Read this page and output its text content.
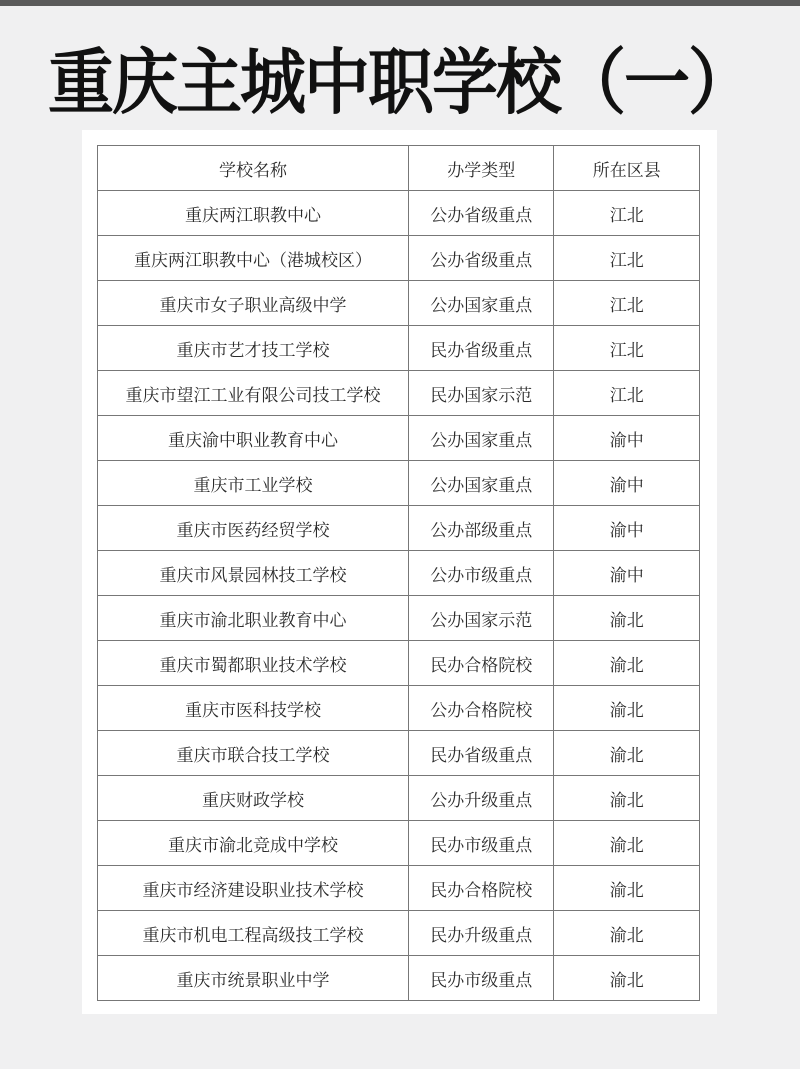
重庆主城中职学校（一）
学校名称	办学类型	所在区县
重庆两江职教中心	公办省级重点	江北
重庆两江职教中心（港城校区）	公办省级重点	江北
重庆市女子职业高级中学	公办国家重点	江北
重庆市艺才技工学校	民办省级重点	江北
重庆市望江工业有限公司技工学校	民办国家示范	江北
重庆渝中职业教育中心	公办国家重点	渝中
重庆市工业学校	公办国家重点	渝中
重庆市医药经贸学校	公办部级重点	渝中
重庆市风景园林技工学校	公办市级重点	渝中
重庆市渝北职业教育中心	公办国家示范	渝北
重庆市蜀都职业技术学校	民办合格院校	渝北
重庆市医科技学校	公办合格院校	渝北
重庆市联合技工学校	民办省级重点	渝北
重庆财政学校	公办升级重点	渝北
重庆市渝北竞成中学校	民办市级重点	渝北
重庆市经济建设职业技术学校	民办合格院校	渝北
重庆市机电工程高级技工学校	民办升级重点	渝北
重庆市统景职业中学	民办市级重点	渝北
